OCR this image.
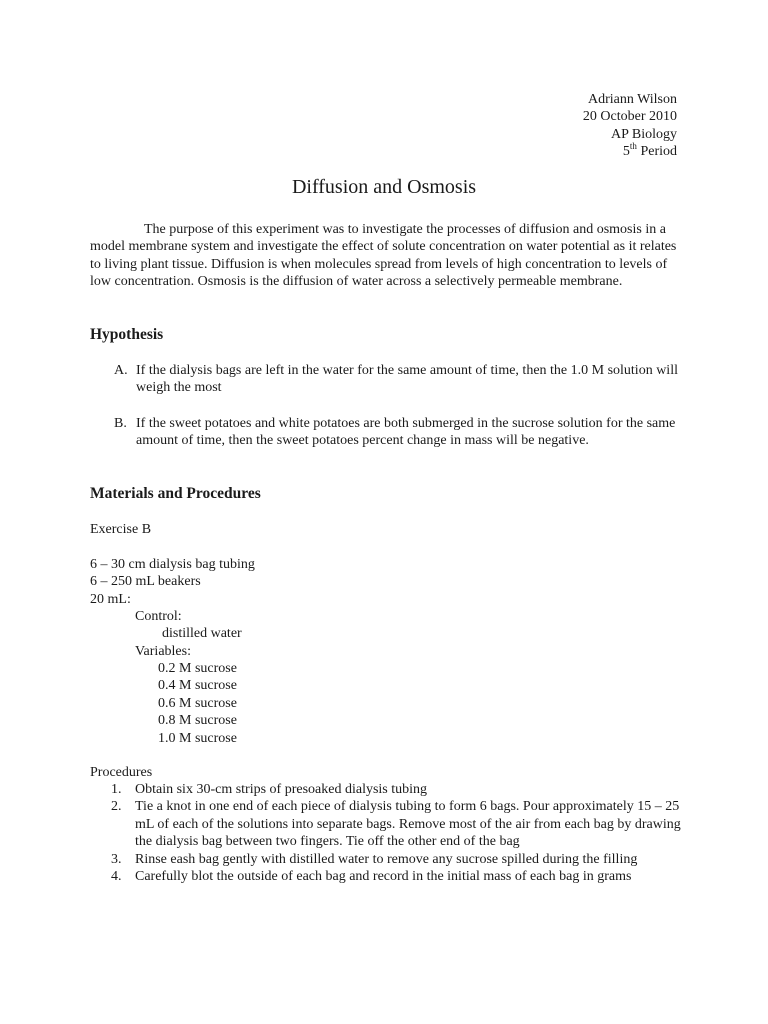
Adriann Wilson
20 October 2010
AP Biology
5th Period
Diffusion and Osmosis

The purpose of this experiment was to investigate the processes of diffusion and osmosis in a model membrane system and investigate the effect of solute concentration on water potential as it relates to living plant tissue. Diffusion is when molecules spread from levels of high concentration to levels of low concentration. Osmosis is the diffusion of water across a selectively permeable membrane.

Hypothesis
A. If the dialysis bags are left in the water for the same amount of time, then the 1.0 M solution will weigh the most
B. If the sweet potatoes and white potatoes are both submerged in the sucrose solution for the same amount of time, then the sweet potatoes percent change in mass will be negative.
Materials and Procedures
Exercise B
6 – 30 cm dialysis bag tubing
6 – 250 mL beakers
20 mL:
Control:
distilled water
Variables:
0.2 M sucrose
0.4 M sucrose
0.6 M sucrose
0.8 M sucrose
1.0 M sucrose
Procedures
1. Obtain six 30-cm strips of presoaked dialysis tubing
2. Tie a knot in one end of each piece of dialysis tubing to form 6 bags. Pour approximately 15 – 25 mL of each of the solutions into separate bags. Remove most of the air from each bag by drawing the dialysis bag between two fingers. Tie off the other end of the bag
3. Rinse eash bag gently with distilled water to remove any sucrose spilled during the filling
4. Carefully blot the outside of each bag and record in the initial mass of each bag in grams
